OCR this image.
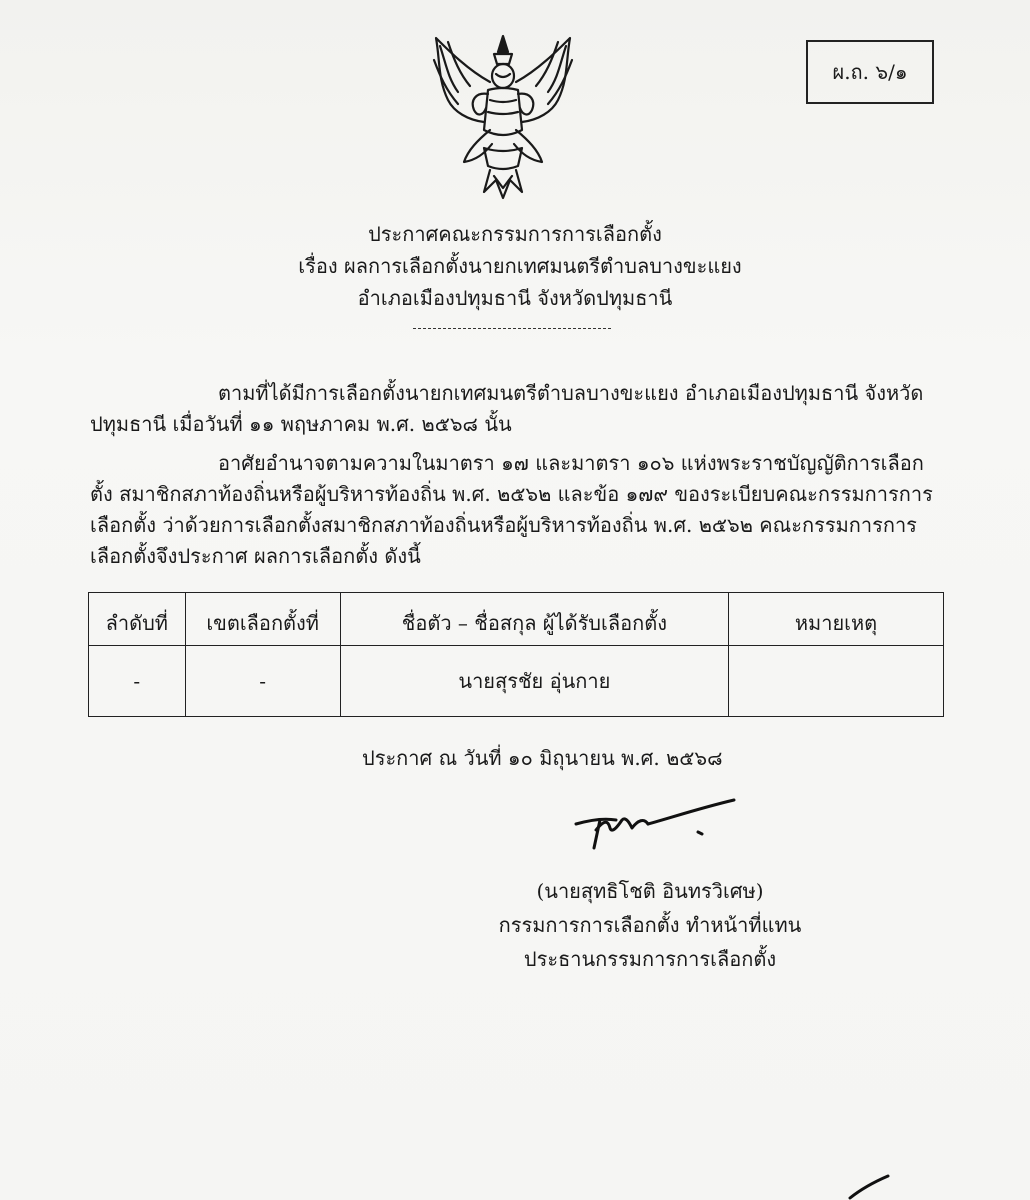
ผ.ถ. ๖/๑
ประกาศคณะกรรมการการเลือกตั้ง
เรื่อง ผลการเลือกตั้งนายกเทศมนตรีตำบลบางขะแยง
อำเภอเมืองปทุมธานี จังหวัดปทุมธานี
ตามที่ได้มีการเลือกตั้งนายกเทศมนตรีตำบลบางขะแยง อำเภอเมืองปทุมธานี จังหวัดปทุมธานี เมื่อวันที่ ๑๑ พฤษภาคม พ.ศ. ๒๕๖๘ นั้น
อาศัยอำนาจตามความในมาตรา ๑๗ และมาตรา ๑๐๖ แห่งพระราชบัญญัติการเลือกตั้ง สมาชิกสภาท้องถิ่นหรือผู้บริหารท้องถิ่น พ.ศ. ๒๕๖๒ และข้อ ๑๗๙ ของระเบียบคณะกรรมการการเลือกตั้ง ว่าด้วยการเลือกตั้งสมาชิกสภาท้องถิ่นหรือผู้บริหารท้องถิ่น พ.ศ. ๒๕๖๒ คณะกรรมการการเลือกตั้งจึงประกาศ ผลการเลือกตั้ง ดังนี้
ลำดับที่	เขตเลือกตั้งที่	ชื่อตัว – ชื่อสกุล ผู้ได้รับเลือกตั้ง	หมายเหตุ
-	-	นายสุรชัย อุ่นกาย	
ประกาศ ณ วันที่ ๑๐ มิถุนายน พ.ศ. ๒๕๖๘
(นายสุทธิโชติ อินทรวิเศษ)
กรรมการการเลือกตั้ง ทำหน้าที่แทน
ประธานกรรมการการเลือกตั้ง
